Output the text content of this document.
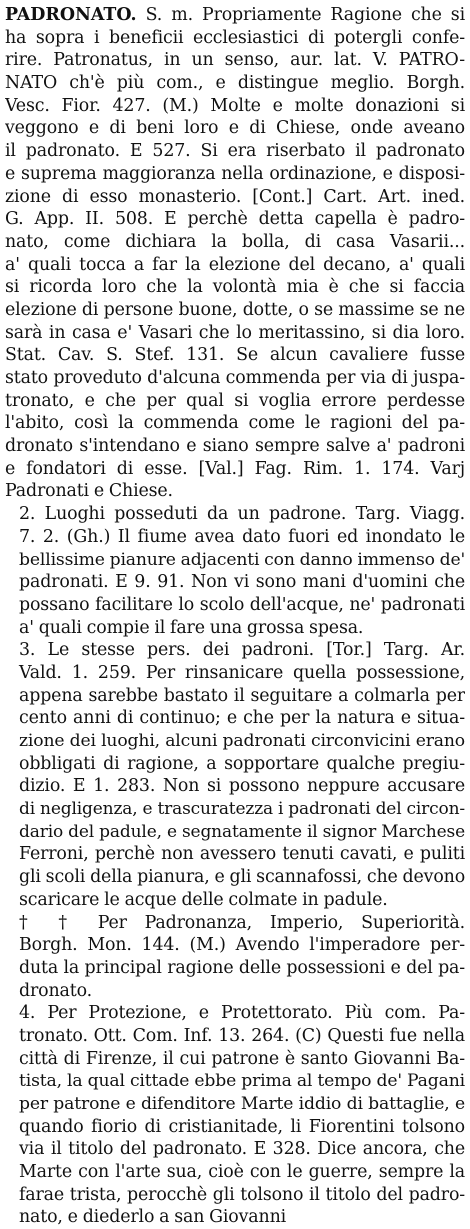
PADRONATO. S. m. Propriamente Ragione che si
ha sopra i beneficii ecclesiastici di potergli confe-
rire. Patronatus, in un senso, aur. lat. V. PATRO-
NATO ch'è più com., e distingue meglio. Borgh.
Vesc. Fior. 427. (M.) Molte e molte donazioni si
veggono e di beni loro e di Chiese, onde aveano
il padronato. E 527. Si era riserbato il padronato
e suprema maggioranza nella ordinazione, e disposi-
zione di esso monasterio. [Cont.] Cart. Art. ined.
G. App. II. 508. E perchè detta capella è padro-
nato, come dichiara la bolla, di casa Vasarii...
a' quali tocca a far la elezione del decano, a' quali
si ricorda loro che la volontà mia è che si faccia
elezione di persone buone, dotte, o se massime se ne
sarà in casa e' Vasari che lo meritassino, si dia loro.
Stat. Cav. S. Stef. 131. Se alcun cavaliere fusse
stato proveduto d'alcuna commenda per via di juspa-
tronato, e che per qual si voglia errore perdesse
l'abito, così la commenda come le ragioni del pa-
dronato s'intendano e siano sempre salve a' padroni
e fondatori di esse. [Val.] Fag. Rim. 1. 174. Varj
Padronati e Chiese.
2. Luoghi posseduti da un padrone. Targ. Viagg.
7. 2. (Gh.) Il fiume avea dato fuori ed inondato le
bellissime pianure adjacenti con danno immenso de'
padronati. E 9. 91. Non vi sono mani d'uomini che
possano facilitare lo scolo dell'acque, ne' padronati
a' quali compie il fare una grossa spesa.
3. Le stesse pers. dei padroni. [Tor.] Targ. Ar.
Vald. 1. 259. Per rinsanicare quella possessione,
appena sarebbe bastato il seguitare a colmarla per
cento anni di continuo; e che per la natura e situa-
zione dei luoghi, alcuni padronati circonvicini erano
obbligati di ragione, a sopportare qualche pregiu-
dizio. E 1. 283. Non si possono neppure accusare
di negligenza, e trascuratezza i padronati del circon-
dario del padule, e segnatamente il signor Marchese
Ferroni, perchè non avessero tenuti cavati, e puliti
gli scoli della pianura, e gli scannafossi, che devono
scaricare le acque delle colmate in padule.
† † Per Padronanza, Imperio, Superiorità.
Borgh. Mon. 144. (M.) Avendo l'imperadore per-
duta la principal ragione delle possessioni e del pa-
dronato.
4. Per Protezione, e Protettorato. Più com. Pa-
tronato. Ott. Com. Inf. 13. 264. (C) Questi fue nella
città di Firenze, il cui patrone è santo Giovanni Ba-
tista, la qual cittade ebbe prima al tempo de' Pagani
per patrone e difenditore Marte iddio di battaglie, e
quando fiorio di cristianitade, li Fiorentini tolsono
via il titolo del padronato. E 328. Dice ancora, che
Marte con l'arte sua, cioè con le guerre, sempre la
farae trista, perocchè gli tolsono il titolo del padro-
nato, e diederlo a san Giovanni
